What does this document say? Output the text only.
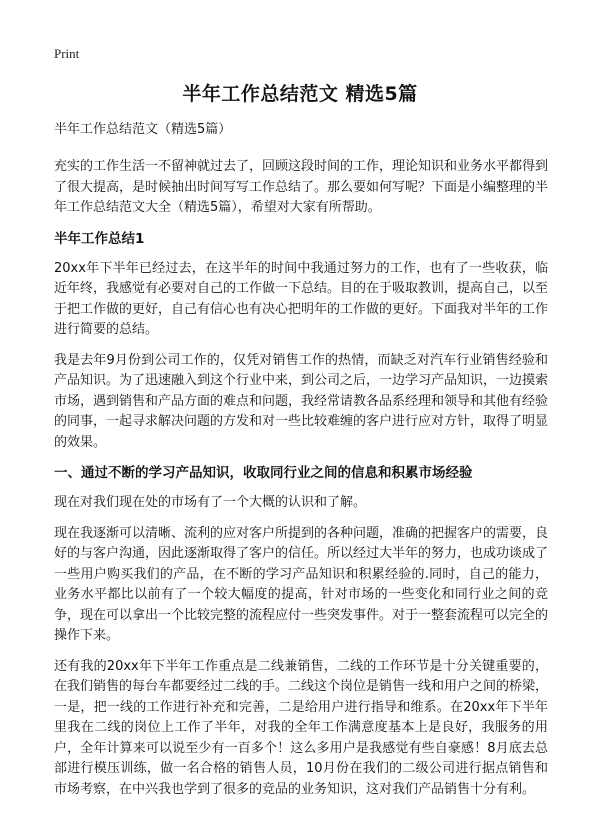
Print
半年工作总结范文 精选5篇
半年工作总结范文（精选5篇）

充实的工作生活一不留神就过去了，回顾这段时间的工作，理论知识和业务水平都得到了很大提高，是时候抽出时间写写工作总结了。那么要如何写呢？下面是小编整理的半年工作总结范文大全（精选5篇），希望对大家有所帮助。

半年工作总结1

20xx年下半年已经过去，在这半年的时间中我通过努力的工作，也有了一些收获，临近年终，我感觉有必要对自己的工作做一下总结。目的在于吸取教训，提高自己，以至于把工作做的更好，自己有信心也有决心把明年的工作做的更好。下面我对半年的工作进行简要的总结。

我是去年9月份到公司工作的，仅凭对销售工作的热情，而缺乏对汽车行业销售经验和产品知识。为了迅速融入到这个行业中来，到公司之后，一边学习产品知识，一边摸索市场，遇到销售和产品方面的难点和问题，我经常请教各品系经理和领导和其他有经验的同事，一起寻求解决问题的方发和对一些比较难缠的客户进行应对方针，取得了明显的效果。

一、通过不断的学习产品知识，收取同行业之间的信息和积累市场经验

现在对我们现在处的市场有了一个大概的认识和了解。

现在我逐渐可以清晰、流利的应对客户所提到的各种问题，准确的把握客户的需要，良好的与客户沟通，因此逐渐取得了客户的信任。所以经过大半年的努力，也成功谈成了一些用户购买我们的产品，在不断的学习产品知识和积累经验的.同时，自己的能力，业务水平都比以前有了一个较大幅度的提高，针对市场的一些变化和同行业之间的竞争，现在可以拿出一个比较完整的流程应付一些突发事件。对于一整套流程可以完全的操作下来。

还有我的20xx年下半年工作重点是二线兼销售，二线的工作环节是十分关键重要的，在我们销售的每台车都要经过二线的手。二线这个岗位是销售一线和用户之间的桥梁，一是，把一线的工作进行补充和完善，二是给用户进行指导和维系。在20xx年下半年里我在二线的岗位上工作了半年，对我的全年工作满意度基本上是良好，我服务的用户，全年计算来可以说至少有一百多个！这么多用户是我感觉有些自豪感！8月底去总部进行模压训练，做一名合格的销售人员，10月份在我们的二级公司进行据点销售和市场考察，在中兴我也学到了很多的竞品的业务知识，这对我们产品销售十分有利。
